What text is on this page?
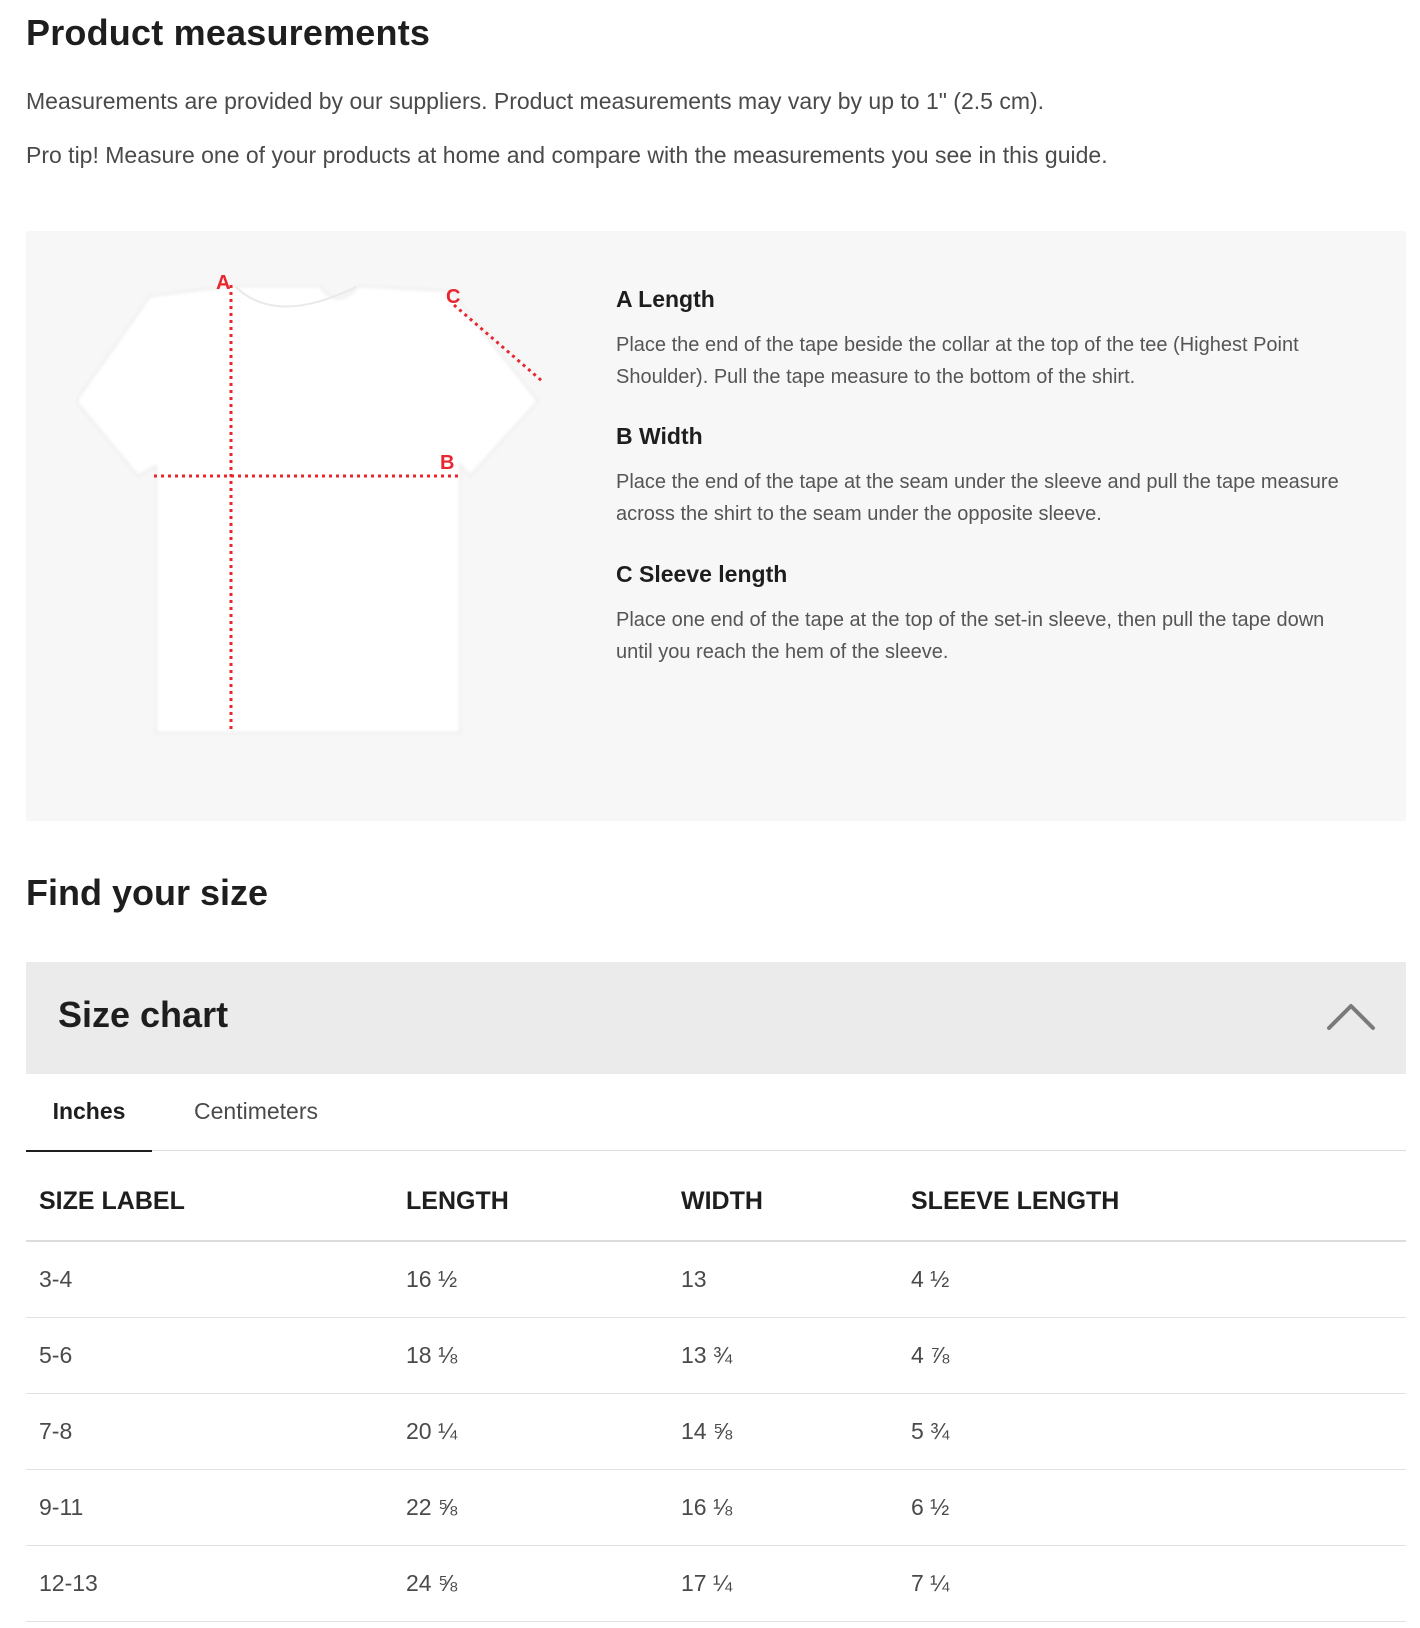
Product measurements

Measurements are provided by our suppliers. Product measurements may vary by up to 1" (2.5 cm).

Pro tip! Measure one of your products at home and compare with the measurements you see in this guide.

A
B
C	A Length

Place the end of the tape beside the collar at the top of the tee (Highest Point Shoulder). Pull the tape measure to the bottom of the shirt.

B Width

Place the end of the tape at the seam under the sleeve and pull the tape measure across the shirt to the seam under the opposite sleeve.

C Sleeve length

Place one end of the tape at the top of the set-in sleeve, then pull the tape down until you reach the hem of the sleeve.

Find your size
Size chart
Inches	Centimeters
SIZE LABEL	LENGTH	WIDTH	SLEEVE LENGTH
3-4	16 ½	13	4 ½
5-6	18 ⅛	13 ¾	4 ⅞
7-8	20 ¼	14 ⅝	5 ¾
9-11	22 ⅝	16 ⅛	6 ½
12-13	24 ⅝	17 ¼	7 ¼
